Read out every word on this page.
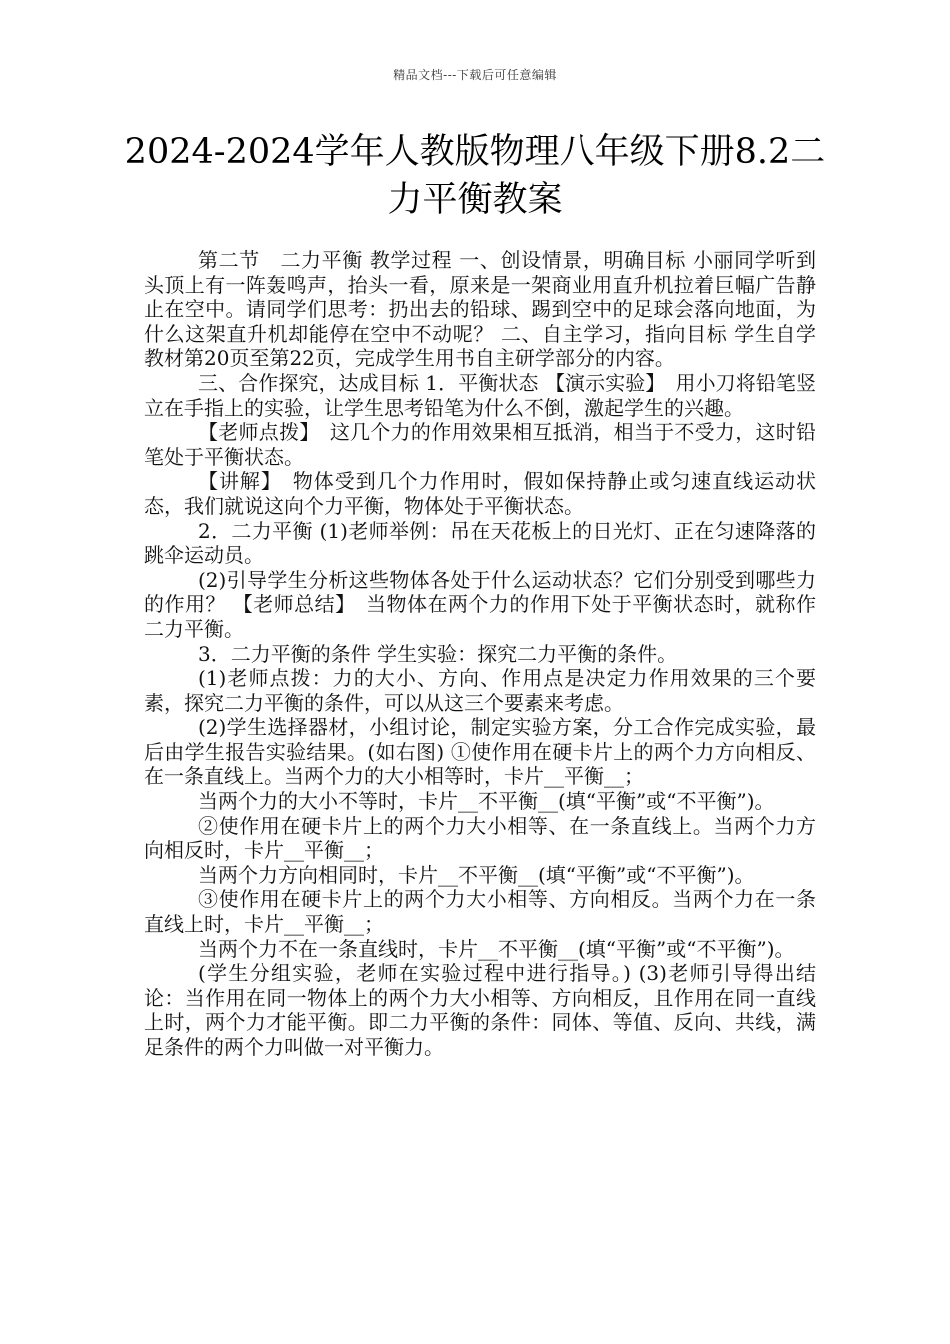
精品文档---下载后可任意编辑
2024-2024学年人教版物理八年级下册8.2二力平衡教案

第二节　二力平衡 教学过程 一、创设情景，明确目标 小丽同学听到头顶上有一阵轰鸣声，抬头一看，原来是一架商业用直升机拉着巨幅广告静止在空中。请同学们思考：扔出去的铅球、踢到空中的足球会落向地面，为什么这架直升机却能停在空中不动呢？ 二、自主学习，指向目标 学生自学教材第20页至第22页，完成学生用书自主研学部分的内容。

三、合作探究，达成目标 1．平衡状态 【演示实验】　用小刀将铅笔竖立在手指上的实验，让学生思考铅笔为什么不倒，激起学生的兴趣。

【老师点拨】　这几个力的作用效果相互抵消，相当于不受力，这时铅笔处于平衡状态。

【讲解】　物体受到几个力作用时，假如保持静止或匀速直线运动状态，我们就说这向个力平衡，物体处于平衡状态。

2．二力平衡 (1)老师举例：吊在天花板上的日光灯、正在匀速降落的跳伞运动员。

(2)引导学生分析这些物体各处于什么运动状态？它们分别受到哪些力的作用？ 【老师总结】　当物体在两个力的作用下处于平衡状态时，就称作二力平衡。

3．二力平衡的条件 学生实验：探究二力平衡的条件。

(1)老师点拨：力的大小、方向、作用点是决定力作用效果的三个要素，探究二力平衡的条件，可以从这三个要素来考虑。

(2)学生选择器材，小组讨论，制定实验方案，分工合作完成实验，最后由学生报告实验结果。(如右图) ①使作用在硬卡片上的两个力方向相反、在一条直线上。当两个力的大小相等时，卡片__平衡__；

当两个力的大小不等时，卡片__不平衡__(填“平衡”或“不平衡”)。

②使作用在硬卡片上的两个力大小相等、在一条直线上。当两个力方向相反时，卡片__平衡__；

当两个力方向相同时，卡片__不平衡__(填“平衡”或“不平衡”)。

③使作用在硬卡片上的两个力大小相等、方向相反。当两个力在一条直线上时，卡片__平衡__；

当两个力不在一条直线时，卡片__不平衡__(填“平衡”或“不平衡”)。

(学生分组实验，老师在实验过程中进行指导。) (3)老师引导得出结论：当作用在同一物体上的两个力大小相等、方向相反，且作用在同一直线上时，两个力才能平衡。即二力平衡的条件：同体、等值、反向、共线，满足条件的两个力叫做一对平衡力。
